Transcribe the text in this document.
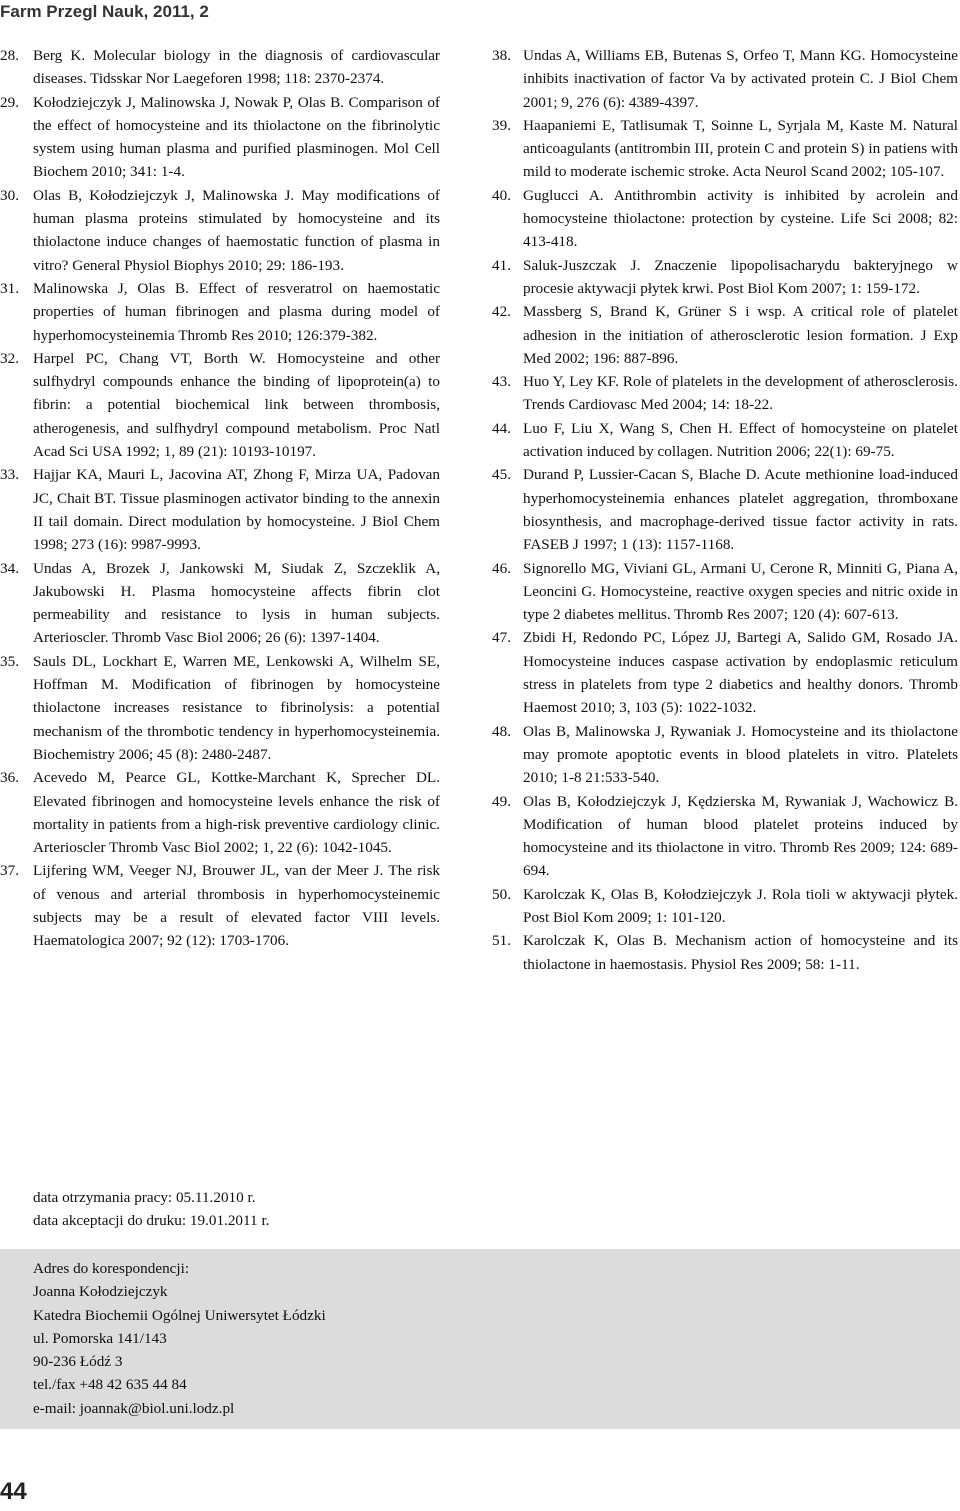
Farm Przegl Nauk, 2011, 2
28. Berg K. Molecular biology in the diagnosis of cardiovascular diseases. Tidsskar Nor Laegeforen 1998; 118: 2370-2374.
29. Kołodziejczyk J, Malinowska J, Nowak P, Olas B. Comparison of the effect of homocysteine and its thiolactone on the fibrinolytic system using human plasma and purified plasminogen. Mol Cell Biochem 2010; 341: 1-4.
30. Olas B, Kołodziejczyk J, Malinowska J. May modifications of human plasma proteins stimulated by homocysteine and its thiolactone induce changes of haemostatic function of plasma in vitro? General Physiol Biophys 2010; 29: 186-193.
31. Malinowska J, Olas B. Effect of resveratrol on haemostatic properties of human fibrinogen and plasma during model of hyperhomocysteinemia Thromb Res 2010; 126:379-382.
32. Harpel PC, Chang VT, Borth W. Homocysteine and other sulfhydryl compounds enhance the binding of lipoprotein(a) to fibrin: a potential biochemical link between thrombosis, atherogenesis, and sulfhydryl compound metabolism. Proc Natl Acad Sci USA 1992; 1, 89 (21): 10193-10197.
33. Hajjar KA, Mauri L, Jacovina AT, Zhong F, Mirza UA, Padovan JC, Chait BT. Tissue plasminogen activator binding to the annexin II tail domain. Direct modulation by homocysteine. J Biol Chem 1998; 273 (16): 9987-9993.
34. Undas A, Brozek J, Jankowski M, Siudak Z, Szczeklik A, Jakubowski H. Plasma homocysteine affects fibrin clot permeability and resistance to lysis in human subjects. Arterioscler. Thromb Vasc Biol 2006; 26 (6): 1397-1404.
35. Sauls DL, Lockhart E, Warren ME, Lenkowski A, Wilhelm SE, Hoffman M. Modification of fibrinogen by homocysteine thiolactone increases resistance to fibrinolysis: a potential mechanism of the thrombotic tendency in hyperhomocysteinemia. Biochemistry 2006; 45 (8): 2480-2487.
36. Acevedo M, Pearce GL, Kottke-Marchant K, Sprecher DL. Elevated fibrinogen and homocysteine levels enhance the risk of mortality in patients from a high-risk preventive cardiology clinic. Arterioscler Thromb Vasc Biol 2002; 1, 22 (6): 1042-1045.
37. Lijfering WM, Veeger NJ, Brouwer JL, van der Meer J. The risk of venous and arterial thrombosis in hyperhomocysteinemic subjects may be a result of elevated factor VIII levels. Haematologica 2007; 92 (12): 1703-1706.
38. Undas A, Williams EB, Butenas S, Orfeo T, Mann KG. Homocysteine inhibits inactivation of factor Va by activated protein C. J Biol Chem 2001; 9, 276 (6): 4389-4397.
39. Haapaniemi E, Tatlisumak T, Soinne L, Syrjala M, Kaste M. Natural anticoagulants (antitrombin III, protein C and protein S) in patiens with mild to moderate ischemic stroke. Acta Neurol Scand 2002; 105-107.
40. Guglucci A. Antithrombin activity is inhibited by acrolein and homocysteine thiolactone: protection by cysteine. Life Sci 2008; 82: 413-418.
41. Saluk-Juszczak J. Znaczenie lipopolisacharydu bakteryjnego w procesie aktywacji płytek krwi. Post Biol Kom 2007; 1: 159-172.
42. Massberg S, Brand K, Grüner S i wsp. A critical role of platelet adhesion in the initiation of atherosclerotic lesion formation. J Exp Med 2002; 196: 887-896.
43. Huo Y, Ley KF. Role of platelets in the development of atherosclerosis. Trends Cardiovasc Med 2004; 14: 18-22.
44. Luo F, Liu X, Wang S, Chen H. Effect of homocysteine on platelet activation induced by collagen. Nutrition 2006; 22(1): 69-75.
45. Durand P, Lussier-Cacan S, Blache D. Acute methionine load-induced hyperhomocysteinemia enhances platelet aggregation, thromboxane biosynthesis, and macrophage-derived tissue factor activity in rats. FASEB J 1997; 1 (13): 1157-1168.
46. Signorello MG, Viviani GL, Armani U, Cerone R, Minniti G, Piana A, Leoncini G. Homocysteine, reactive oxygen species and nitric oxide in type 2 diabetes mellitus. Thromb Res 2007; 120 (4): 607-613.
47. Zbidi H, Redondo PC, López JJ, Bartegi A, Salido GM, Rosado JA. Homocysteine induces caspase activation by endoplasmic reticulum stress in platelets from type 2 diabetics and healthy donors. Thromb Haemost 2010; 3, 103 (5): 1022-1032.
48. Olas B, Malinowska J, Rywaniak J. Homocysteine and its thiolactone may promote apoptotic events in blood platelets in vitro. Platelets 2010; 1-8 21:533-540.
49. Olas B, Kołodziejczyk J, Kędzierska M, Rywaniak J, Wachowicz B. Modification of human blood platelet proteins induced by homocysteine and its thiolactone in vitro. Thromb Res 2009; 124: 689-694.
50. Karolczak K, Olas B, Kołodziejczyk J. Rola tioli w aktywacji płytek. Post Biol Kom 2009; 1: 101-120.
51. Karolczak K, Olas B. Mechanism action of homocysteine and its thiolactone in haemostasis. Physiol Res 2009; 58: 1-11.
data otrzymania pracy: 05.11.2010 r.
data akceptacji do druku: 19.01.2011 r.
Adres do korespondencji:
Joanna Kołodziejczyk
Katedra Biochemii Ogólnej Uniwersytet Łódzki
ul. Pomorska 141/143
90-236 Łódź 3
tel./fax +48 42 635 44 84
e-mail: joannak@biol.uni.lodz.pl
44
